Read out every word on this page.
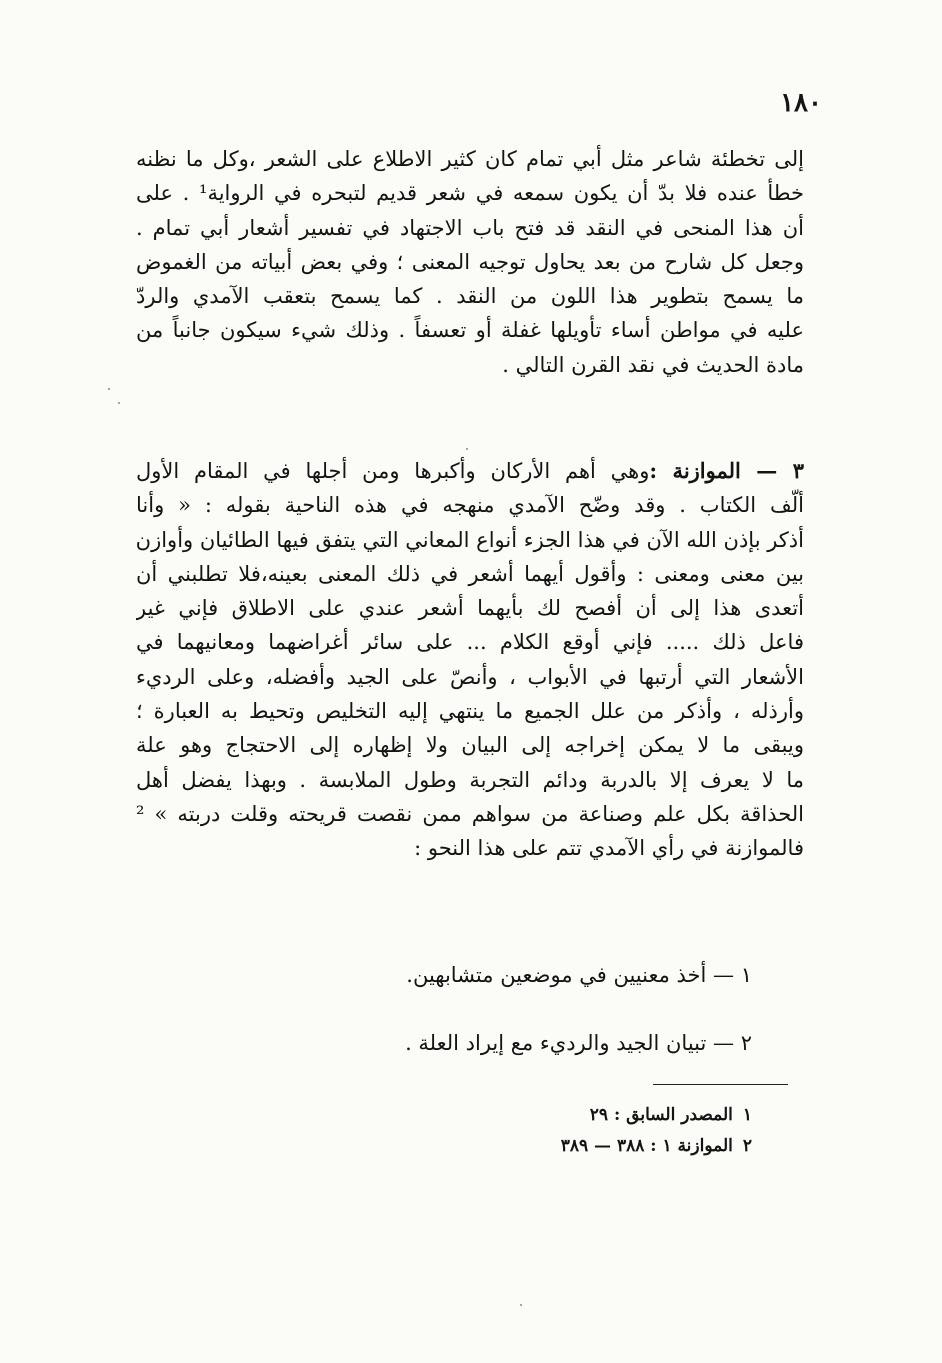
١٨٠
إلى تخطئة شاعر مثل أبي تمام كان كثير الاطلاع على الشعر ،وكل ما نظنه
خطأ عنده فلا بدّ أن يكون سمعه في شعر قديم لتبحره في الرواية¹ . على
أن هذا المنحى في النقد قد فتح باب الاجتهاد في تفسير أشعار أبي تمام .
وجعل كل شارح من بعد يحاول توجيه المعنى ؛ وفي بعض أبياته من الغموض
ما يسمح بتطوير هذا اللون من النقد . كما يسمح بتعقب الآمدي والردّ
عليه في مواطن أساء تأويلها غفلة أو تعسفاً . وذلك شيء سيكون جانباً من
مادة الحديث في نقد القرن التالي .
٣ — الموازنة :وهي أهم الأركان وأكبرها ومن أجلها في المقام الأول
ألّف الكتاب . وقد وضّح الآمدي منهجه في هذه الناحية بقوله : « وأنا
أذكر بإذن الله الآن في هذا الجزء أنواع المعاني التي يتفق فيها الطائيان وأوازن
بين معنى ومعنى : وأقول أيهما أشعر في ذلك المعنى بعينه،فلا تطلبني أن
أتعدى هذا إلى أن أفصح لك بأيهما أشعر عندي على الاطلاق فإني غير
فاعل ذلك ..... فإني أوقع الكلام ... على سائر أغراضهما ومعانيهما في
الأشعار التي أرتبها في الأبواب ، وأنصّ على الجيد وأفضله، وعلى الرديء
وأرذله ، وأذكر من علل الجميع ما ينتهي إليه التخليص وتحيط به العبارة ؛
ويبقى ما لا يمكن إخراجه إلى البيان ولا إظهاره إلى الاحتجاج وهو علة
ما لا يعرف إلا بالدربة ودائم التجربة وطول الملابسة . وبهذا يفضل أهل
الحذاقة بكل علم وصناعة من سواهم ممن نقصت قريحته وقلت دربته » ²
فالموازنة في رأي الآمدي تتم على هذا النحو :
١ — أخذ معنيين في موضعين متشابهين.
٢ — تبيان الجيد والرديء مع إيراد العلة .
١المصدر السابق : ٢٩
٢الموازنة ١ : ٣٨٨ — ٣٨٩
